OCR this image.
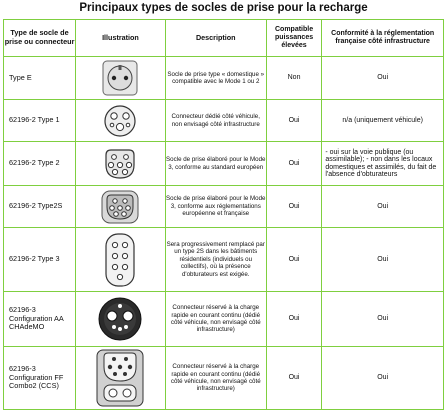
Principaux types de socles de prise pour la recharge
Type de socle de prise ou connecteur	Illustration	Description	Compatible puissances élevées	Conformité à la réglementation française côté infrastructure
Type E		Socle de prise type « domestique » compatible avec le Mode 1 ou 2	Non	Oui
62196-2 Type 1		Connecteur dédié côté véhicule, non envisagé côté infrastructure	Oui	n/a (uniquement véhicule)
62196-2 Type 2		Socle de prise élaboré pour le Mode 3, conforme au standard européen	Oui	- oui sur la voie publique (ou assimilable); - non dans les locaux domestiques et assimilés, du fait de l'absence d'obturateurs
62196-2 Type2S		Socle de prise élaboré pour le Mode 3, conforme aux réglementations européenne et française	Oui	Oui
62196-2 Type 3		Sera progressivement remplacé par un type 2S dans les bâtiments résidentiels (individuels ou collectifs), où la présence d'obturateurs est exigée.	Oui	Oui
62196-3 Configuration AA CHAdeMO		Connecteur réservé à la charge rapide en courant continu (dédié côté véhicule, non envisagé côté infrastructure)	Oui	Oui
62196-3 Configuration FF Combo2 (CCS)		Connecteur réservé à la charge rapide en courant continu (dédié côté véhicule, non envisagé côté infrastructure)	Oui	Oui
